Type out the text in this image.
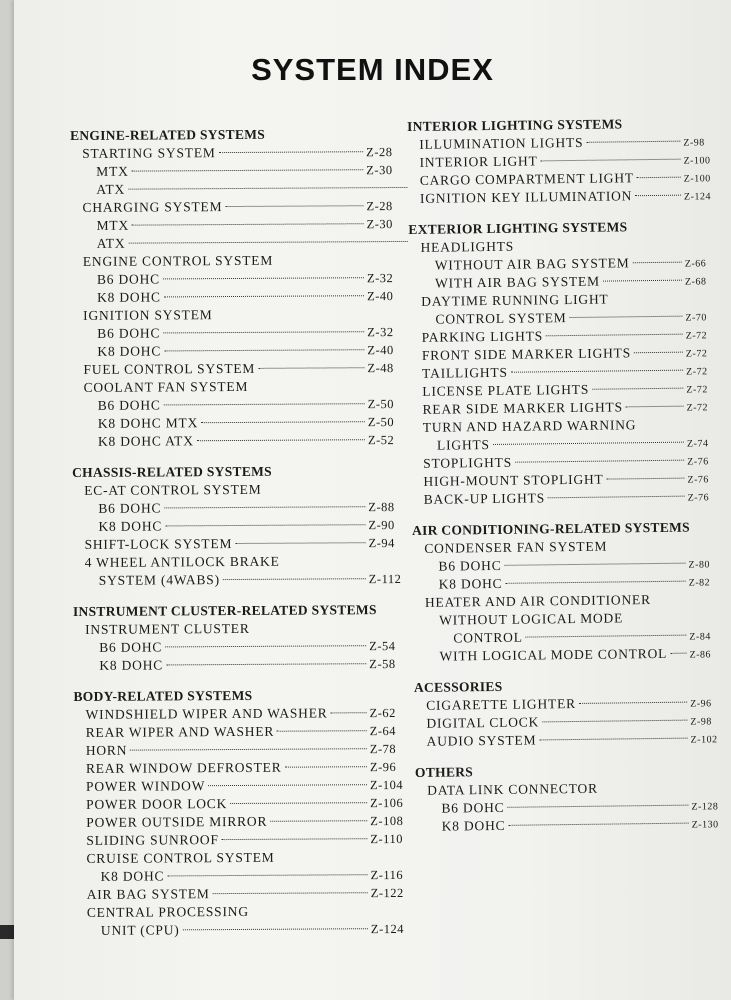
SYSTEM INDEX
ENGINE-RELATED SYSTEMS
STARTING SYSTEM	Z-28
MTX	Z-30
ATX
CHARGING SYSTEM	Z-28
MTX	Z-30
ATX
ENGINE CONTROL SYSTEM
B6 DOHC	Z-32
K8 DOHC	Z-40
IGNITION SYSTEM
B6 DOHC	Z-32
K8 DOHC	Z-40
FUEL CONTROL SYSTEM	Z-48
COOLANT FAN SYSTEM
B6 DOHC	Z-50
K8 DOHC MTX	Z-50
K8 DOHC ATX	Z-52
CHASSIS-RELATED SYSTEMS
EC-AT CONTROL SYSTEM
B6 DOHC	Z-88
K8 DOHC	Z-90
SHIFT-LOCK SYSTEM	Z-94
4 WHEEL ANTILOCK BRAKE
SYSTEM (4WABS)	Z-112
INSTRUMENT CLUSTER-RELATED SYSTEMS
INSTRUMENT CLUSTER
B6 DOHC	Z-54
K8 DOHC	Z-58
BODY-RELATED SYSTEMS
WINDSHIELD WIPER AND WASHER	Z-62
REAR WIPER AND WASHER	Z-64
HORN	Z-78
REAR WINDOW DEFROSTER	Z-96
POWER WINDOW	Z-104
POWER DOOR LOCK	Z-106
POWER OUTSIDE MIRROR	Z-108
SLIDING SUNROOF	Z-110
CRUISE CONTROL SYSTEM
K8 DOHC	Z-116
AIR BAG SYSTEM	Z-122
CENTRAL PROCESSING
UNIT (CPU)	Z-124
INTERIOR LIGHTING SYSTEMS
ILLUMINATION LIGHTS	Z-98
INTERIOR LIGHT	Z-100
CARGO COMPARTMENT LIGHT	Z-100
IGNITION KEY ILLUMINATION	Z-124
EXTERIOR LIGHTING SYSTEMS
HEADLIGHTS
WITHOUT AIR BAG SYSTEM	Z-66
WITH AIR BAG SYSTEM	Z-68
DAYTIME RUNNING LIGHT
CONTROL SYSTEM	Z-70
PARKING LIGHTS	Z-72
FRONT SIDE MARKER LIGHTS	Z-72
TAILLIGHTS	Z-72
LICENSE PLATE LIGHTS	Z-72
REAR SIDE MARKER LIGHTS	Z-72
TURN AND HAZARD WARNING
LIGHTS	Z-74
STOPLIGHTS	Z-76
HIGH-MOUNT STOPLIGHT	Z-76
BACK-UP LIGHTS	Z-76
AIR CONDITIONING-RELATED SYSTEMS
CONDENSER FAN SYSTEM
B6 DOHC	Z-80
K8 DOHC	Z-82
HEATER AND AIR CONDITIONER
WITHOUT LOGICAL MODE
CONTROL	Z-84
WITH LOGICAL MODE CONTROL Z-86
ACESSORIES
CIGARETTE LIGHTER	Z-96
DIGITAL CLOCK	Z-98
AUDIO SYSTEM	Z-102
OTHERS
DATA LINK CONNECTOR
B6 DOHC	Z-128
K8 DOHC	Z-130
